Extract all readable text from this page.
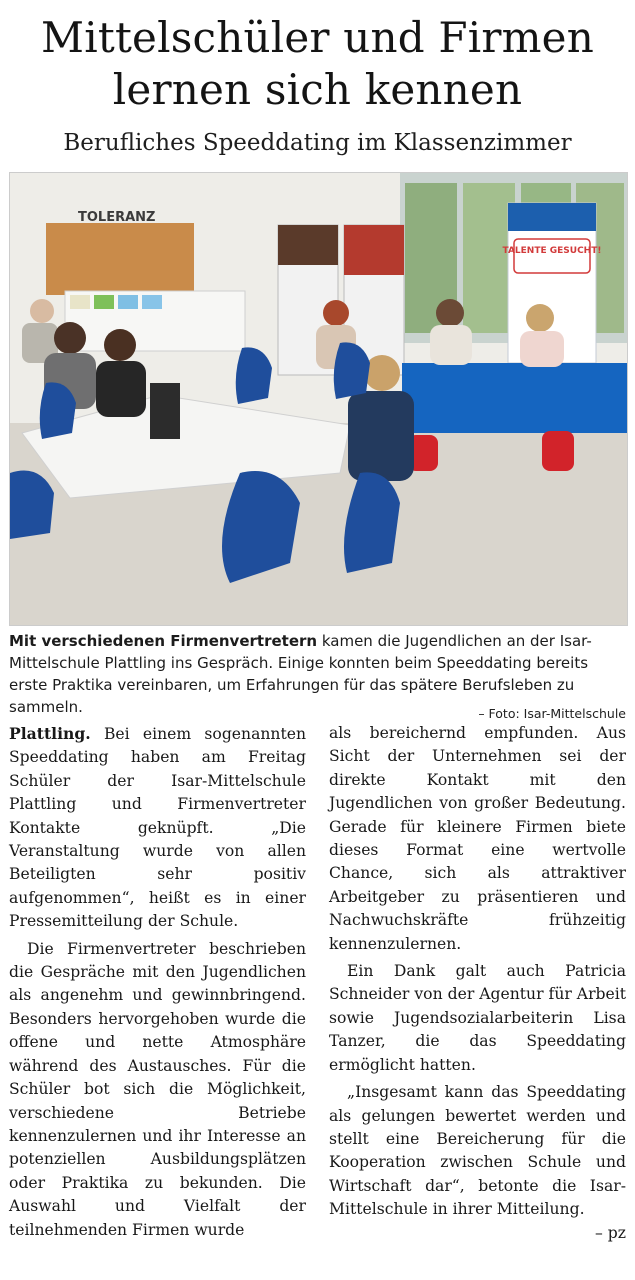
Mittelschüler und Firmen
lernen sich kennen
Berufliches Speeddating im Klassenzimmer
TOLERANZ
TALENTE GESUCHT!
Mit verschiedenen Firmenvertretern kamen die Jugendlichen an der Isar-Mittelschule Plattling ins Gespräch. Einige konnten beim Speeddating bereits erste Praktika vereinbaren, um Erfahrungen für das spätere Berufsleben zu sammeln.	– Foto: Isar-Mittelschule

Plattling. Bei einem sogenannten Speeddating haben am Freitag Schüler der Isar-Mittelschule Plattling und Firmenvertreter Kontakte geknüpft. „Die Veranstaltung wurde von allen Beteiligten sehr positiv aufgenommen“, heißt es in einer Pressemitteilung der Schule.

Die Firmenvertreter beschrieben die Gespräche mit den Jugendlichen als angenehm und gewinnbringend. Besonders hervorgehoben wurde die offene und nette Atmosphäre während des Austausches. Für die Schüler bot sich die Möglichkeit, verschiedene Betriebe kennenzulernen und ihr Interesse an potenziellen Ausbildungsplätzen oder Praktika zu bekunden. Die Auswahl und Vielfalt der teilnehmenden Firmen wurde

als bereichernd empfunden. Aus Sicht der Unternehmen sei der direkte Kontakt mit den Jugendlichen von großer Bedeutung. Gerade für kleinere Firmen biete dieses Format eine wertvolle Chance, sich als attraktiver Arbeitgeber zu präsentieren und Nachwuchskräfte frühzeitig kennenzulernen.

Ein Dank galt auch Patricia Schneider von der Agentur für Arbeit sowie Jugendsozialarbeiterin Lisa Tanzer, die das Speeddating ermöglicht hatten.

„Insgesamt kann das Speeddating als gelungen bewertet werden und stellt eine Bereicherung für die Kooperation zwischen Schule und Wirtschaft dar“, betonte die Isar-Mittelschule in ihrer Mitteilung.
– pz
